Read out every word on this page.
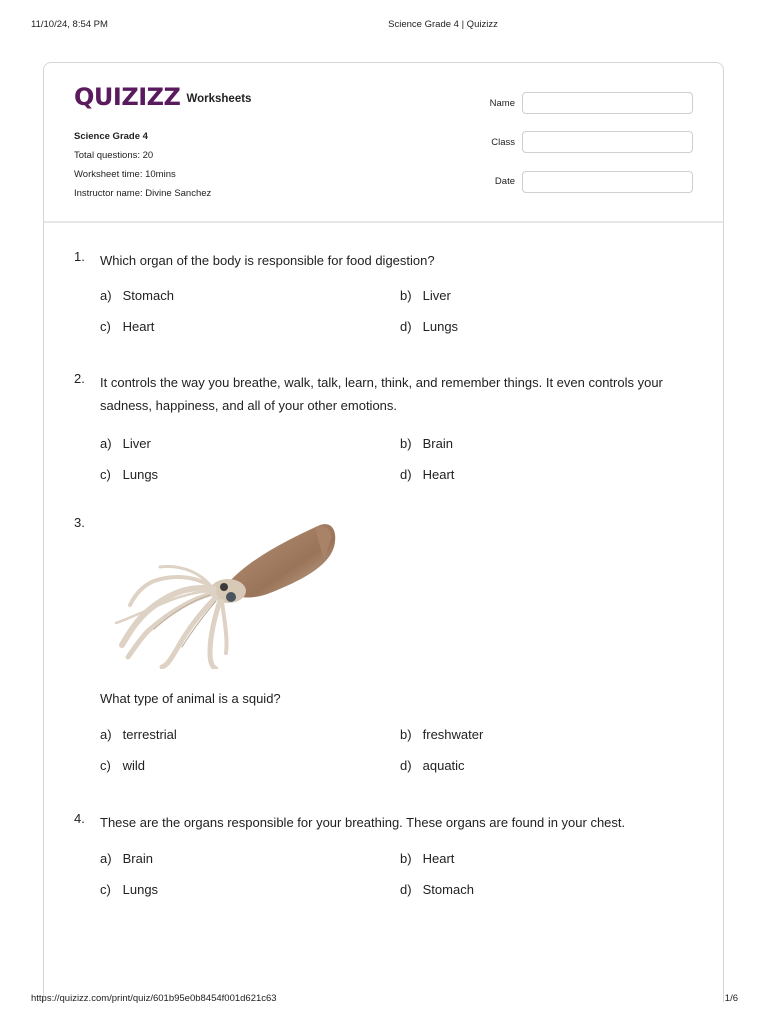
11/10/24, 8:54 PM	Science Grade 4 | Quizizz
QUIZIZZ Worksheets
Science Grade 4
Total questions: 20
Worksheet time: 10mins
Instructor name: Divine Sanchez
Name
Class
Date
1. Which organ of the body is responsible for food digestion?
a) Stomach	b) Liver
c) Heart	d) Lungs
2. It controls the way you breathe, walk, talk, learn, think, and remember things. It even controls your sadness, happiness, and all of your other emotions.
a) Liver	b) Brain
c) Lungs	d) Heart
3.
What type of animal is a squid?
a) terrestrial	b) freshwater
c) wild	d) aquatic
4. These are the organs responsible for your breathing. These organs are found in your chest.
a) Brain	b) Heart
c) Lungs	d) Stomach
https://quizizz.com/print/quiz/601b95e0b8454f001d621c63	1/6
